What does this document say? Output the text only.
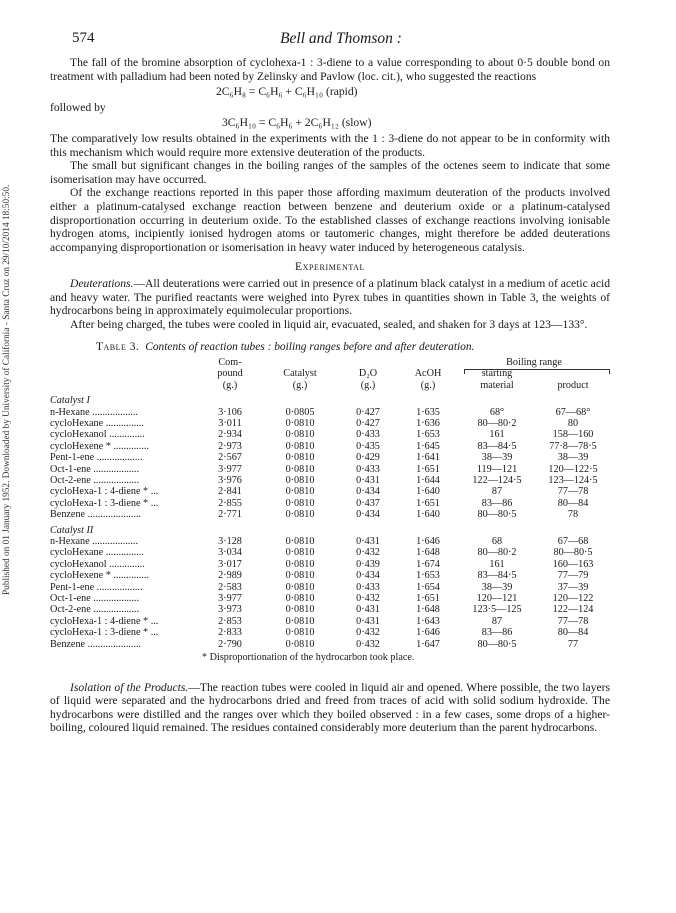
Published on 01 January 1952. Downloaded by University of California - Santa Cruz on 29/10/2014 18:50:50.
574	Bell and Thomson :

The fall of the bromine absorption of cyclohexa-1 : 3-diene to a value corresponding to about 0·5 double bond on treatment with palladium had been noted by Zelinsky and Pavlow (loc. cit.), who suggested the reactions

2C₆H₈ = C₆H₆ + C₆H₁₀ (rapid)

followed by

3C₆H₁₀ = C₆H₆ + 2C₆H₁₂ (slow)

The comparatively low results obtained in the experiments with the 1 : 3-diene do not appear to be in conformity with this mechanism which would require more extensive deuteration of the products.

The small but significant changes in the boiling ranges of the samples of the octenes seem to indicate that some isomerisation may have occurred.

Of the exchange reactions reported in this paper those affording maximum deuteration of the products involved either a platinum-catalysed exchange reaction between benzene and deuterium oxide or a platinum-catalysed disproportionation occurring in deuterium oxide. To the established classes of exchange reactions involving ionisable hydrogen atoms, incipiently ionised hydrogen atoms or tautomeric changes, might therefore be added deuterations accompanying disproportionation or isomerisation in heavy water induced by heterogeneous catalysis.

Experimental

Deuterations.—All deuterations were carried out in presence of a platinum black catalyst in a medium of acetic acid and heavy water. The purified reactants were weighed into Pyrex tubes in quantities shown in Table 3, the weights of hydrocarbons being in approximately equimolecular proportions.

After being charged, the tubes were cooled in liquid air, evacuated, sealed, and shaken for 3 days at 123—133°.

Table 3. Contents of reaction tubes : boiling ranges before and after deuteration.
	Com-				Boiling range	

	pound	Catalyst	D₂O	AcOH	starting	
	(g.)	(g.)	(g.)	(g.)	material	product
Catalyst I						
n-Hexane ..................	3·106	0·0805	0·427	1·635	68°	67—68°
cycloHexane ...............	3·011	0·0810	0·427	1·636	80—80·2	80
cycloHexanol ..............	2·934	0·0810	0·433	1·653	161	158—160
cycloHexene * ..............	2·973	0·0810	0·435	1·645	83—84·5	77·8—78·5
Pent-1-ene ..................	2·567	0·0810	0·429	1·641	38—39	38—39
Oct-1-ene ..................	3·977	0·0810	0·433	1·651	119—121	120—122·5
Oct-2-ene ..................	3·976	0·0810	0·431	1·644	122—124·5	123—124·5
cycloHexa-1 : 4-diene * ...	2·841	0·0810	0·434	1·640	87	77—78
cycloHexa-1 : 3-diene * ...	2·855	0·0810	0·437	1·651	83—86	80—84
Benzene .....................	2·771	0·0810	0·434	1·640	80—80·5	78
Catalyst II						
n-Hexane ..................	3·128	0·0810	0·431	1·646	68	67—68
cycloHexane ...............	3·034	0·0810	0·432	1·648	80—80·2	80—80·5
cycloHexanol ..............	3·017	0·0810	0·439	1·674	161	160—163
cycloHexene * ..............	2·989	0·0810	0·434	1·653	83—84·5	77—79
Pent-1-ene ..................	2·583	0·0810	0·433	1·654	38—39	37—39
Oct-1-ene ..................	3·977	0·0810	0·432	1·651	120—121	120—122
Oct-2-ene ..................	3·973	0·0810	0·431	1·648	123·5—125	122—124
cycloHexa-1 : 4-diene * ...	2·853	0·0810	0·431	1·643	87	77—78
cycloHexa-1 : 3-diene * ...	2·833	0·0810	0·432	1·646	83—86	80—84
Benzene .....................	2·790	0·0810	0·432	1·647	80—80·5	77
* Disproportionation of the hydrocarbon took place.

Isolation of the Products.—The reaction tubes were cooled in liquid air and opened. Where possible, the two layers of liquid were separated and the hydrocarbons dried and freed from traces of acid with solid sodium hydroxide. The hydrocarbons were distilled and the ranges over which they boiled observed : in a few cases, some drops of a higher-boiling, coloured liquid remained. The residues contained considerably more deuterium than the parent hydrocarbons.
